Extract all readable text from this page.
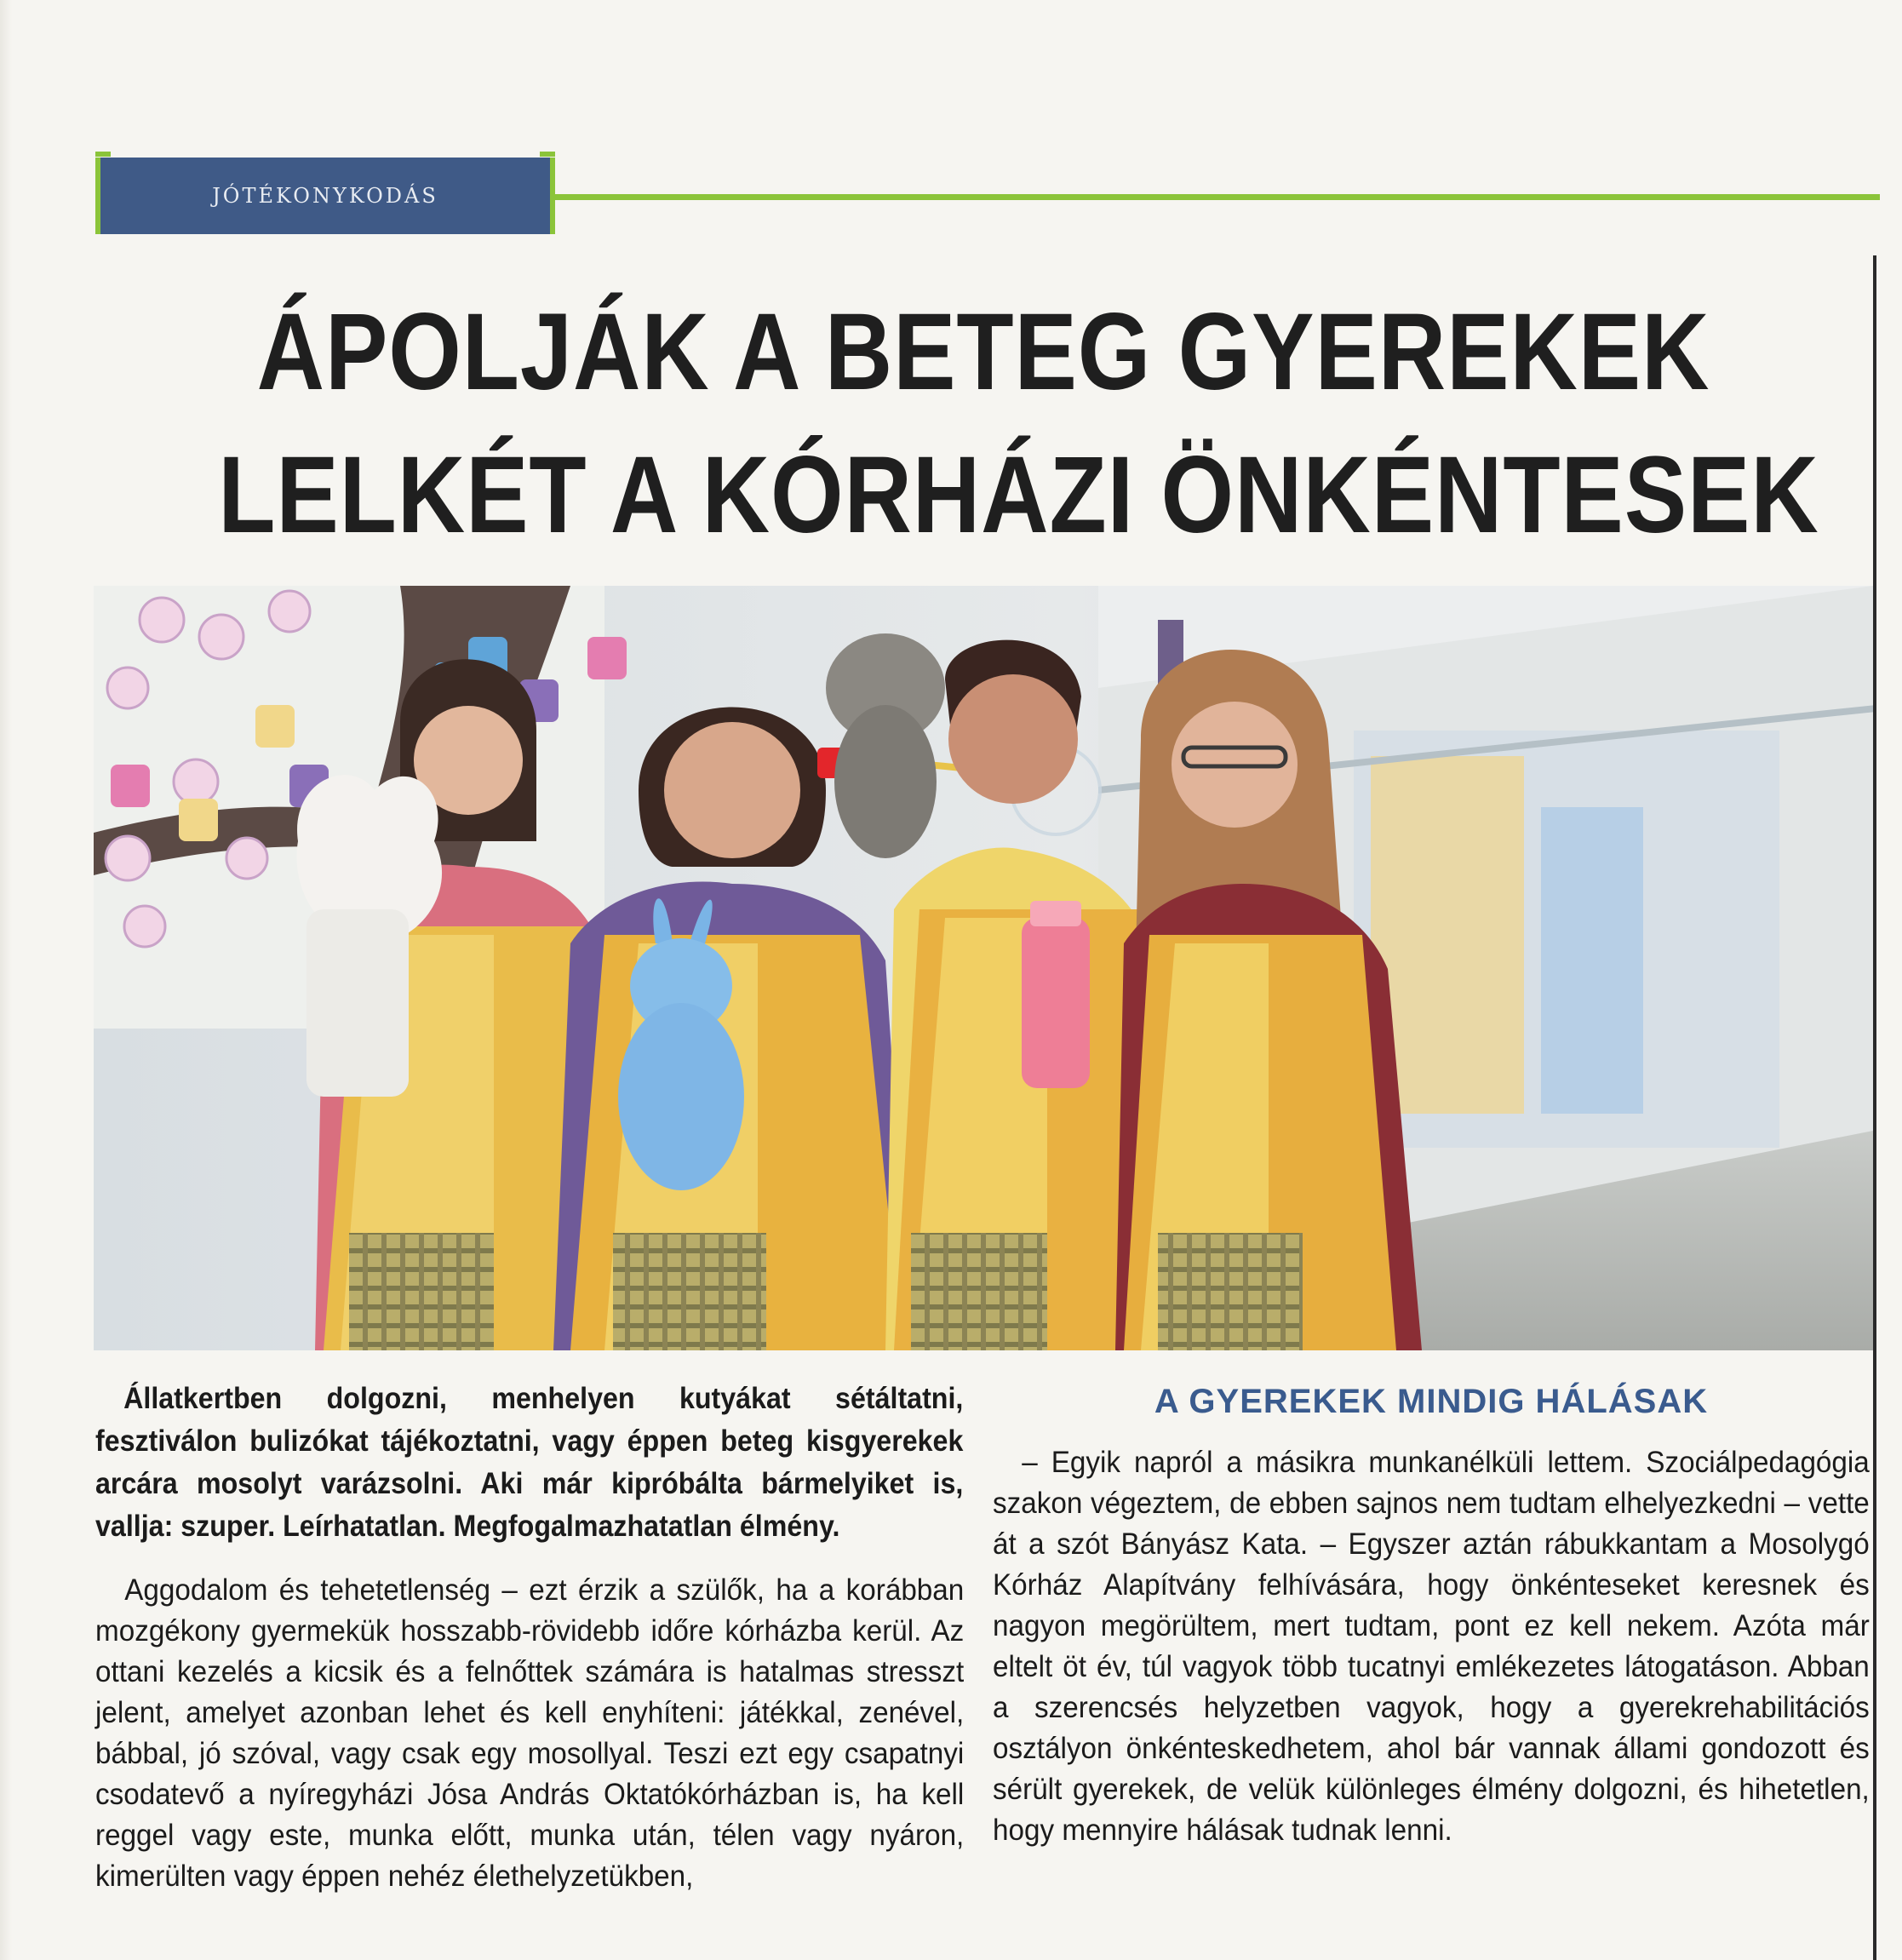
JÓTÉKONYKODÁS
ÁPOLJÁK A BETEG GYEREKEK
LELKÉT A KÓRHÁZI ÖNKÉNTESEK

Állatkertben dolgozni, menhelyen kutyákat sétáltatni, fesztiválon bulizókat tájékoztatni, vagy éppen beteg kisgyerekek arcára mosolyt varázsolni. Aki már kipróbálta bármelyiket is, vallja: szuper. Leírhatatlan. Megfogalmazhatatlan élmény.

Aggodalom és tehetetlenség – ezt érzik a szülők, ha a korábban mozgékony gyermekük hosszabb-rövidebb időre kórházba kerül. Az ottani kezelés a kicsik és a felnőttek számára is hatalmas stresszt jelent, amelyet azonban lehet és kell enyhíteni: játékkal, zenével, bábbal, jó szóval, vagy csak egy mosollyal. Teszi ezt egy csapatnyi csodatevő a nyíregyházi Jósa András Oktatókórházban is, ha kell reggel vagy este, munka előtt, munka után, télen vagy nyáron, kimerülten vagy éppen nehéz élethelyzetükben,

A GYEREKEK MINDIG HÁLÁSAK

– Egyik napról a másikra munkanélküli lettem. Szociálpedagógia szakon végeztem, de ebben sajnos nem tudtam elhelyezkedni – vette át a szót Bányász Kata. – Egyszer aztán rábukkantam a Mosolygó Kórház Alapítvány felhívására, hogy önkénteseket keresnek és nagyon megörültem, mert tudtam, pont ez kell nekem. Azóta már eltelt öt év, túl vagyok több tucatnyi emlékezetes látogatáson. Abban a szerencsés helyzetben vagyok, hogy a gyerekrehabilitációs osztályon önkénteskedhetem, ahol bár vannak állami gondozott és sérült gyerekek, de velük különleges élmény dolgozni, és hihetetlen, hogy mennyire hálásak tudnak lenni.
